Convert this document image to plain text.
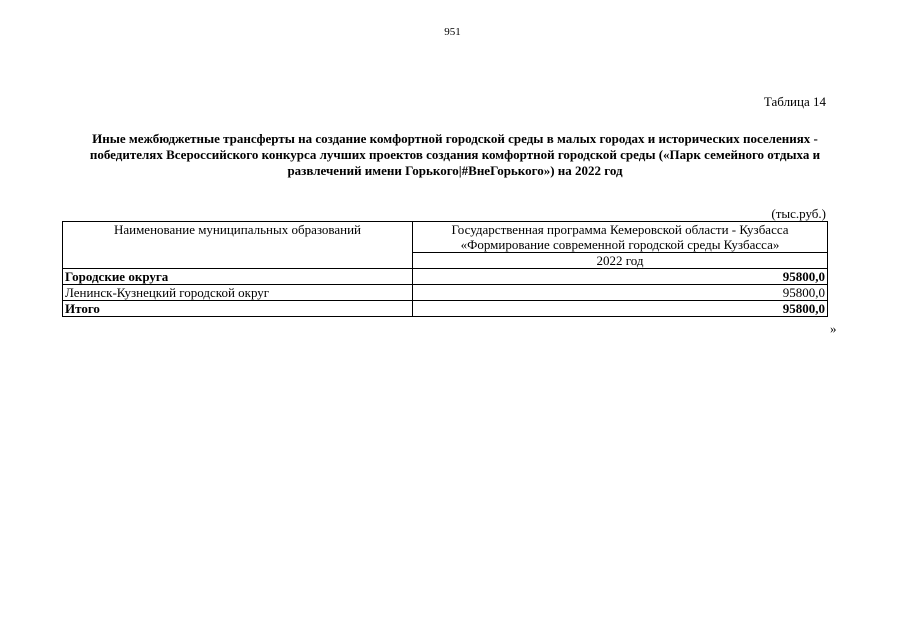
951
Таблица 14
Иные межбюджетные трансферты на создание комфортной городской среды в малых городах и исторических поселениях - победителях Всероссийского конкурса лучших проектов создания комфортной городской среды («Парк семейного отдыха и развлечений имени Горького|#ВнеГорького») на 2022 год
(тыс.руб.)
Наименование муниципальных образований	Государственная программа Кемеровской области - Кузбасса
«Формирование современной городской среды Кузбасса»

	2022 год
Городские округа	95800,0
Ленинск-Кузнецкий городской округ	95800,0
Итого	95800,0
»
